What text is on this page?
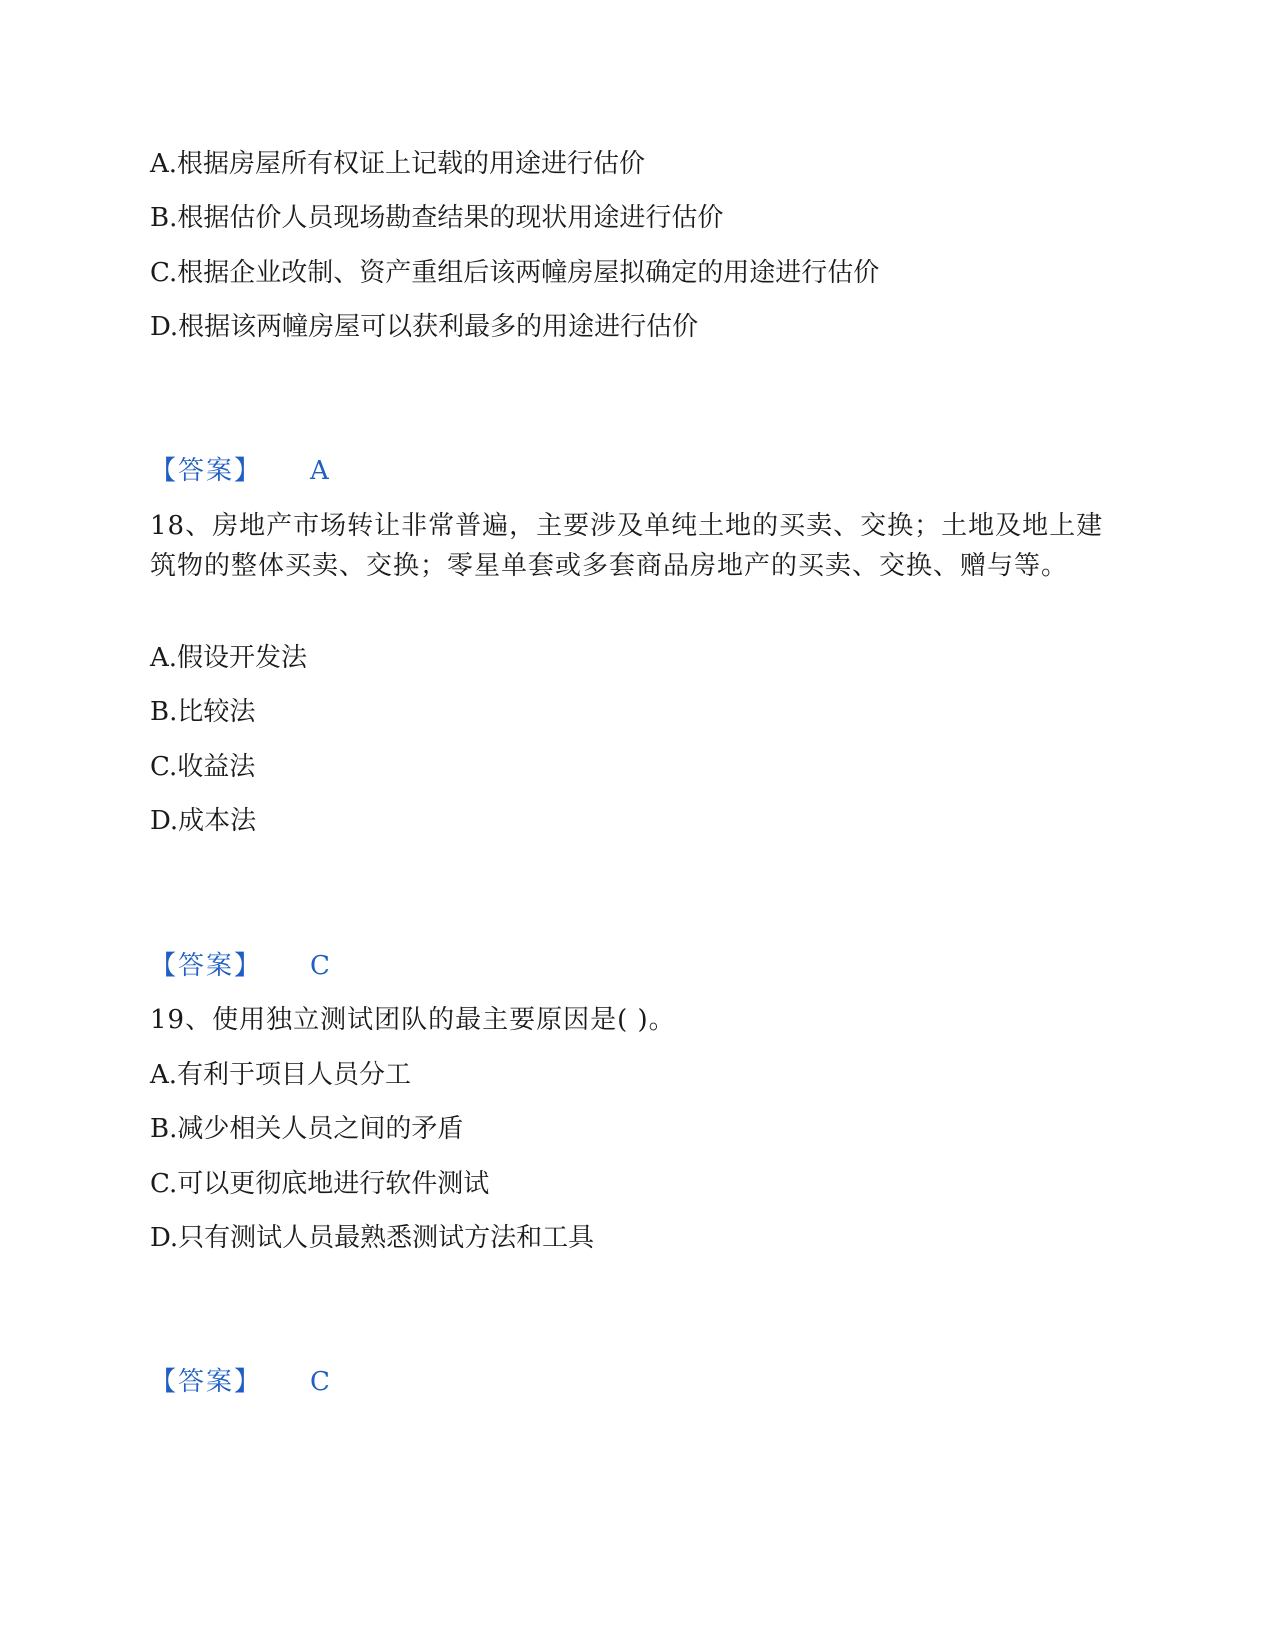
A.根据房屋所有权证上记载的用途进行估价
B.根据估价人员现场勘查结果的现状用途进行估价
C.根据企业改制、资产重组后该两幢房屋拟确定的用途进行估价
D.根据该两幢房屋可以获利最多的用途进行估价
【答案】 A
18、房地产市场转让非常普遍，主要涉及单纯土地的买卖、交换；土地及地上建筑物的整体买卖、交换；零星单套或多套商品房地产的买卖、交换、赠与等。
A.假设开发法
B.比较法
C.收益法
D.成本法
【答案】 C
19、使用独立测试团队的最主要原因是( )。
A.有利于项目人员分工
B.减少相关人员之间的矛盾
C.可以更彻底地进行软件测试
D.只有测试人员最熟悉测试方法和工具
【答案】 C
